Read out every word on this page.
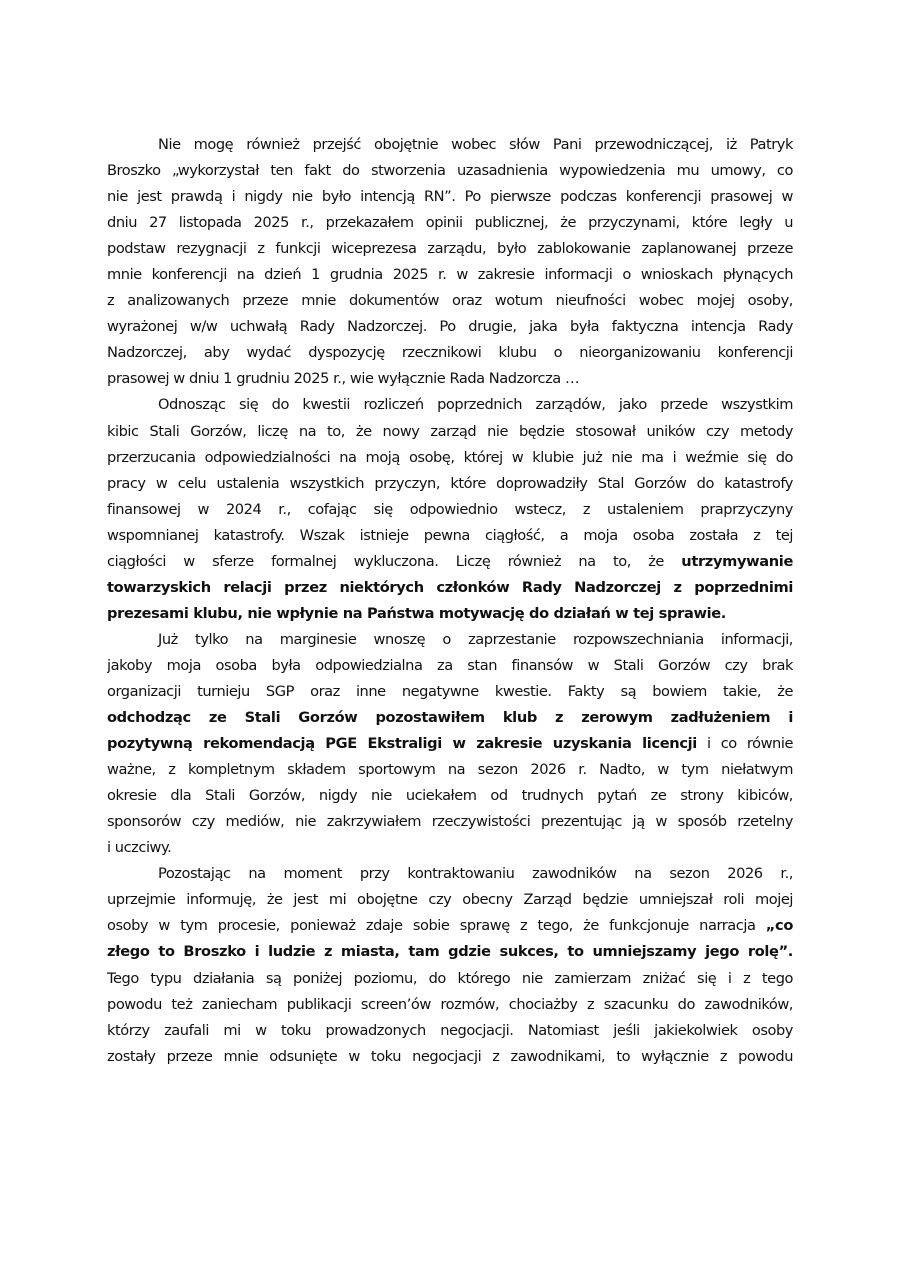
Nie mogę również przejść obojętnie wobec słów Pani przewodniczącej, iż Patryk
Broszko „wykorzystał ten fakt do stworzenia uzasadnienia wypowiedzenia mu umowy, co
nie jest prawdą i nigdy nie było intencją RN”. Po pierwsze podczas konferencji prasowej w
dniu 27 listopada 2025 r., przekazałem opinii publicznej, że przyczynami, które legły u
podstaw rezygnacji z funkcji wiceprezesa zarządu, było zablokowanie zaplanowanej przeze
mnie konferencji na dzień 1 grudnia 2025 r. w zakresie informacji o wnioskach płynących
z analizowanych przeze mnie dokumentów oraz wotum nieufności wobec mojej osoby,
wyrażonej w/w uchwałą Rady Nadzorczej. Po drugie, jaka była faktyczna intencja Rady
Nadzorczej, aby wydać dyspozycję rzecznikowi klubu o nieorganizowaniu konferencji
prasowej w dniu 1 grudniu 2025 r., wie wyłącznie Rada Nadzorcza …
Odnosząc się do kwestii rozliczeń poprzednich zarządów, jako przede wszystkim
kibic Stali Gorzów, liczę na to, że nowy zarząd nie będzie stosował uników czy metody
przerzucania odpowiedzialności na moją osobę, której w klubie już nie ma i weźmie się do
pracy w celu ustalenia wszystkich przyczyn, które doprowadziły Stal Gorzów do katastrofy
finansowej w 2024 r., cofając się odpowiednio wstecz, z ustaleniem praprzyczyny
wspomnianej katastrofy. Wszak istnieje pewna ciągłość, a moja osoba została z tej
ciągłości w sferze formalnej wykluczona. Liczę również na to, że utrzymywanie
towarzyskich relacji przez niektórych członków Rady Nadzorczej z poprzednimi
prezesami klubu, nie wpłynie na Państwa motywację do działań w tej sprawie.
Już tylko na marginesie wnoszę o zaprzestanie rozpowszechniania informacji,
jakoby moja osoba była odpowiedzialna za stan finansów w Stali Gorzów czy brak
organizacji turnieju SGP oraz inne negatywne kwestie. Fakty są bowiem takie, że
odchodząc ze Stali Gorzów pozostawiłem klub z zerowym zadłużeniem i
pozytywną rekomendacją PGE Ekstraligi w zakresie uzyskania licencji i co równie
ważne, z kompletnym składem sportowym na sezon 2026 r. Nadto, w tym niełatwym
okresie dla Stali Gorzów, nigdy nie uciekałem od trudnych pytań ze strony kibiców,
sponsorów czy mediów, nie zakrzywiałem rzeczywistości prezentując ją w sposób rzetelny
i uczciwy.
Pozostając na moment przy kontraktowaniu zawodników na sezon 2026 r.,
uprzejmie informuję, że jest mi obojętne czy obecny Zarząd będzie umniejszał roli mojej
osoby w tym procesie, ponieważ zdaje sobie sprawę z tego, że funkcjonuje narracja „co
złego to Broszko i ludzie z miasta, tam gdzie sukces, to umniejszamy jego rolę”.
Tego typu działania są poniżej poziomu, do którego nie zamierzam zniżać się i z tego
powodu też zaniecham publikacji screen’ów rozmów, chociażby z szacunku do zawodników,
którzy zaufali mi w toku prowadzonych negocjacji. Natomiast jeśli jakiekolwiek osoby
zostały przeze mnie odsunięte w toku negocjacji z zawodnikami, to wyłącznie z powodu
